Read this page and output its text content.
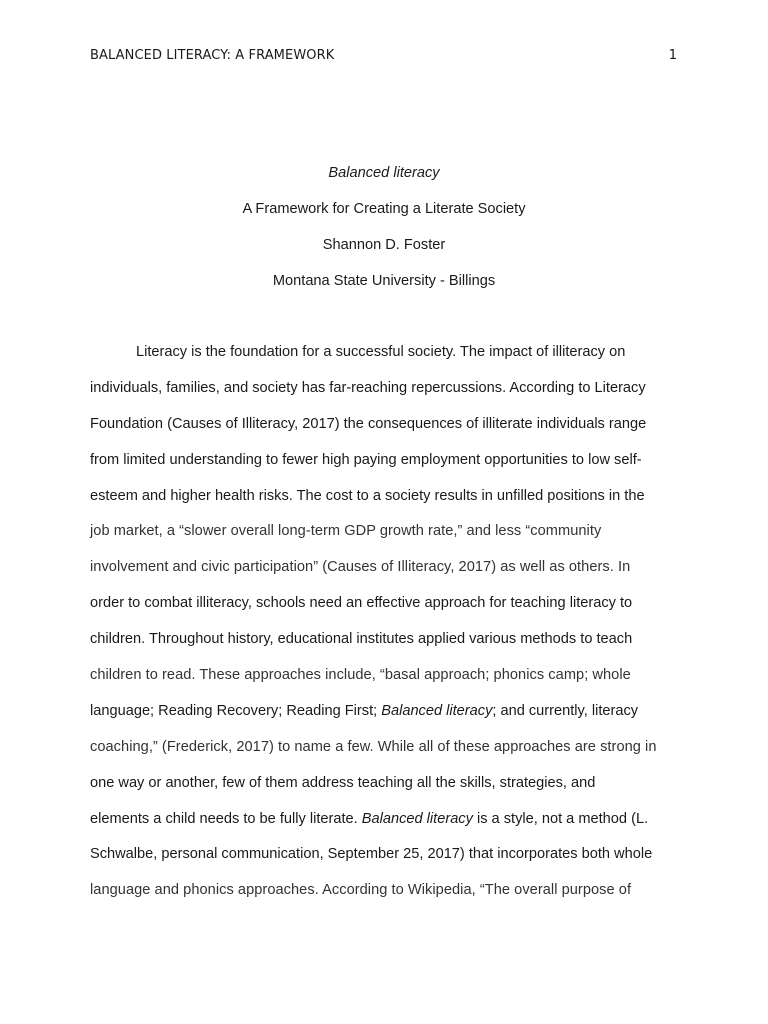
BALANCED LITERACY: A FRAMEWORK	1
Balanced literacy
A Framework for Creating a Literate Society
Shannon D. Foster
Montana State University - Billings
Literacy is the foundation for a successful society. The impact of illiteracy on
individuals, families, and society has far-reaching repercussions. According to Literacy
Foundation (Causes of Illiteracy, 2017) the consequences of illiterate individuals range
from limited understanding to fewer high paying employment opportunities to low self-
esteem and higher health risks. The cost to a society results in unfilled positions in the
job market, a “slower overall long-term GDP growth rate,” and less “community
involvement and civic participation” (Causes of Illiteracy, 2017) as well as others. In
order to combat illiteracy, schools need an effective approach for teaching literacy to
children. Throughout history, educational institutes applied various methods to teach
children to read. These approaches include, “basal approach; phonics camp; whole
language; Reading Recovery; Reading First; Balanced literacy; and currently, literacy
coaching,” (Frederick, 2017) to name a few. While all of these approaches are strong in
one way or another, few of them address teaching all the skills, strategies, and
elements a child needs to be fully literate. Balanced literacy is a style, not a method (L.
Schwalbe, personal communication, September 25, 2017) that incorporates both whole
language and phonics approaches. According to Wikipedia, “The overall purpose of
